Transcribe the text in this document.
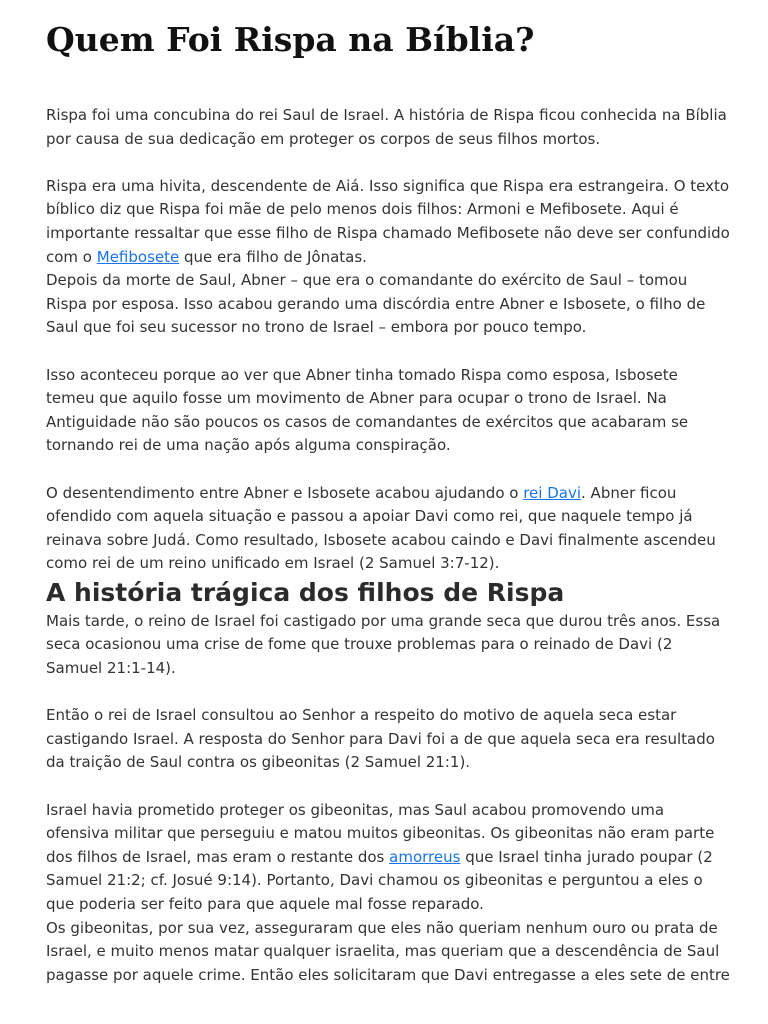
Quem Foi Rispa na Bíblia?

Rispa foi uma concubina do rei Saul de Israel. A história de Rispa ficou conhecida na Bíblia por causa de sua dedicação em proteger os corpos de seus filhos mortos.

Rispa era uma hivita, descendente de Aiá. Isso significa que Rispa era estrangeira. O texto bíblico diz que Rispa foi mãe de pelo menos dois filhos: Armoni e Mefibosete. Aqui é importante ressaltar que esse filho de Rispa chamado Mefibosete não deve ser confundido com o Mefibosete que era filho de Jônatas.

Depois da morte de Saul, Abner – que era o comandante do exército de Saul – tomou Rispa por esposa. Isso acabou gerando uma discórdia entre Abner e Isbosete, o filho de Saul que foi seu sucessor no trono de Israel – embora por pouco tempo.

Isso aconteceu porque ao ver que Abner tinha tomado Rispa como esposa, Isbosete temeu que aquilo fosse um movimento de Abner para ocupar o trono de Israel. Na Antiguidade não são poucos os casos de comandantes de exércitos que acabaram se tornando rei de uma nação após alguma conspiração.

O desentendimento entre Abner e Isbosete acabou ajudando o rei Davi. Abner ficou ofendido com aquela situação e passou a apoiar Davi como rei, que naquele tempo já reinava sobre Judá. Como resultado, Isbosete acabou caindo e Davi finalmente ascendeu como rei de um reino unificado em Israel (2 Samuel 3:7-12).

A história trágica dos filhos de Rispa

Mais tarde, o reino de Israel foi castigado por uma grande seca que durou três anos. Essa seca ocasionou uma crise de fome que trouxe problemas para o reinado de Davi (2 Samuel 21:1-14).

Então o rei de Israel consultou ao Senhor a respeito do motivo de aquela seca estar castigando Israel. A resposta do Senhor para Davi foi a de que aquela seca era resultado da traição de Saul contra os gibeonitas (2 Samuel 21:1).

Israel havia prometido proteger os gibeonitas, mas Saul acabou promovendo uma ofensiva militar que perseguiu e matou muitos gibeonitas. Os gibeonitas não eram parte dos filhos de Israel, mas eram o restante dos amorreus que Israel tinha jurado poupar (2 Samuel 21:2; cf. Josué 9:14). Portanto, Davi chamou os gibeonitas e perguntou a eles o que poderia ser feito para que aquele mal fosse reparado.

Os gibeonitas, por sua vez, asseguraram que eles não queriam nenhum ouro ou prata de Israel, e muito menos matar qualquer israelita, mas queriam que a descendência de Saul pagasse por aquele crime. Então eles solicitaram que Davi entregasse a eles sete de entre
